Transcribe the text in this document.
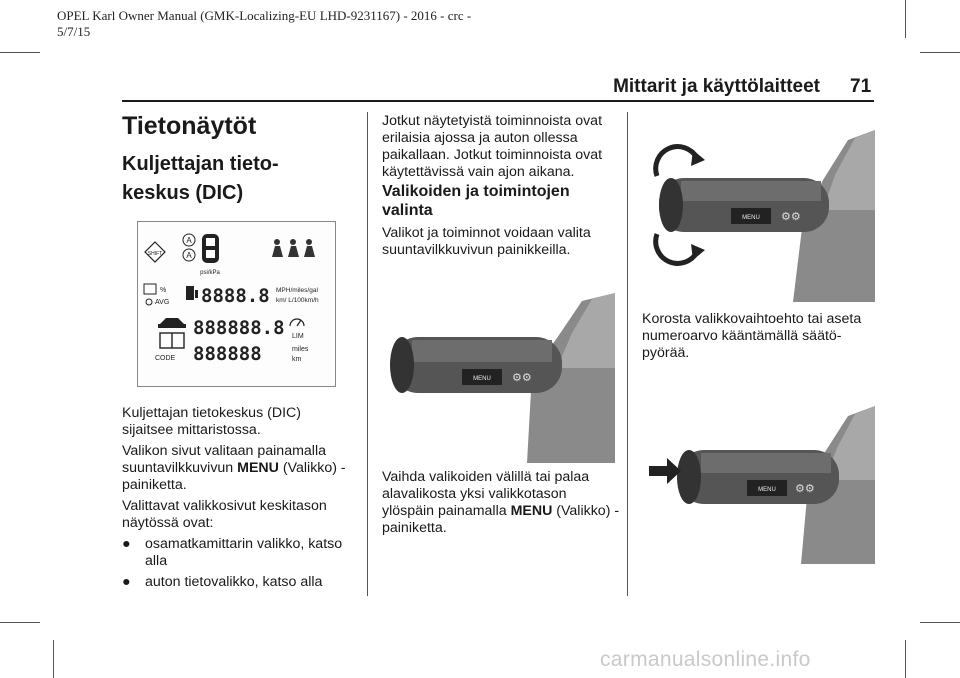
OPEL Karl Owner Manual (GMK-Localizing-EU LHD-9231167) - 2016 - crc -
5/7/15
Mittarit ja käyttölaitteet 71
Tietonäytöt
Kuljettajan tieto- keskus (DIC)
SHIFT
A
A
psi/kPa
%
AVG 8888.8 MPH/miles/gal
km/ L/100km/h
CODE
888888.8
888888
LIM
miles
km

Kuljettajan tietokeskus (DIC) sijaitsee mittaristossa.

Valikon sivut valitaan painamalla suuntavilkkuvivun MENU (Valikko) -painiketta.

Valittavat valikkosivut keskitason näytössä ovat:

● osamatkamittarin valikko, katso alla
● auton tietovalikko, katso alla

Jotkut näytetyistä toiminnoista ovat erilaisia ajossa ja auton ollessa paikallaan. Jotkut toiminnoista ovat käytettävissä vain ajon aikana.

Valikoiden ja toimintojen valinta

Valikot ja toiminnot voidaan valita suuntavilkkuvivun painikkeilla.

MENU ⚙⚙

Vaihda valikoiden välillä tai palaa alavalikosta yksi valikkotason ylöspäin painamalla MENU (Valikko) -painiketta.

MENU ⚙⚙

Korosta valikkovaihtoehto tai aseta numeroarvo kääntämällä säätö- pyörää.

MENU ⚙⚙
carmanualsonline.info
